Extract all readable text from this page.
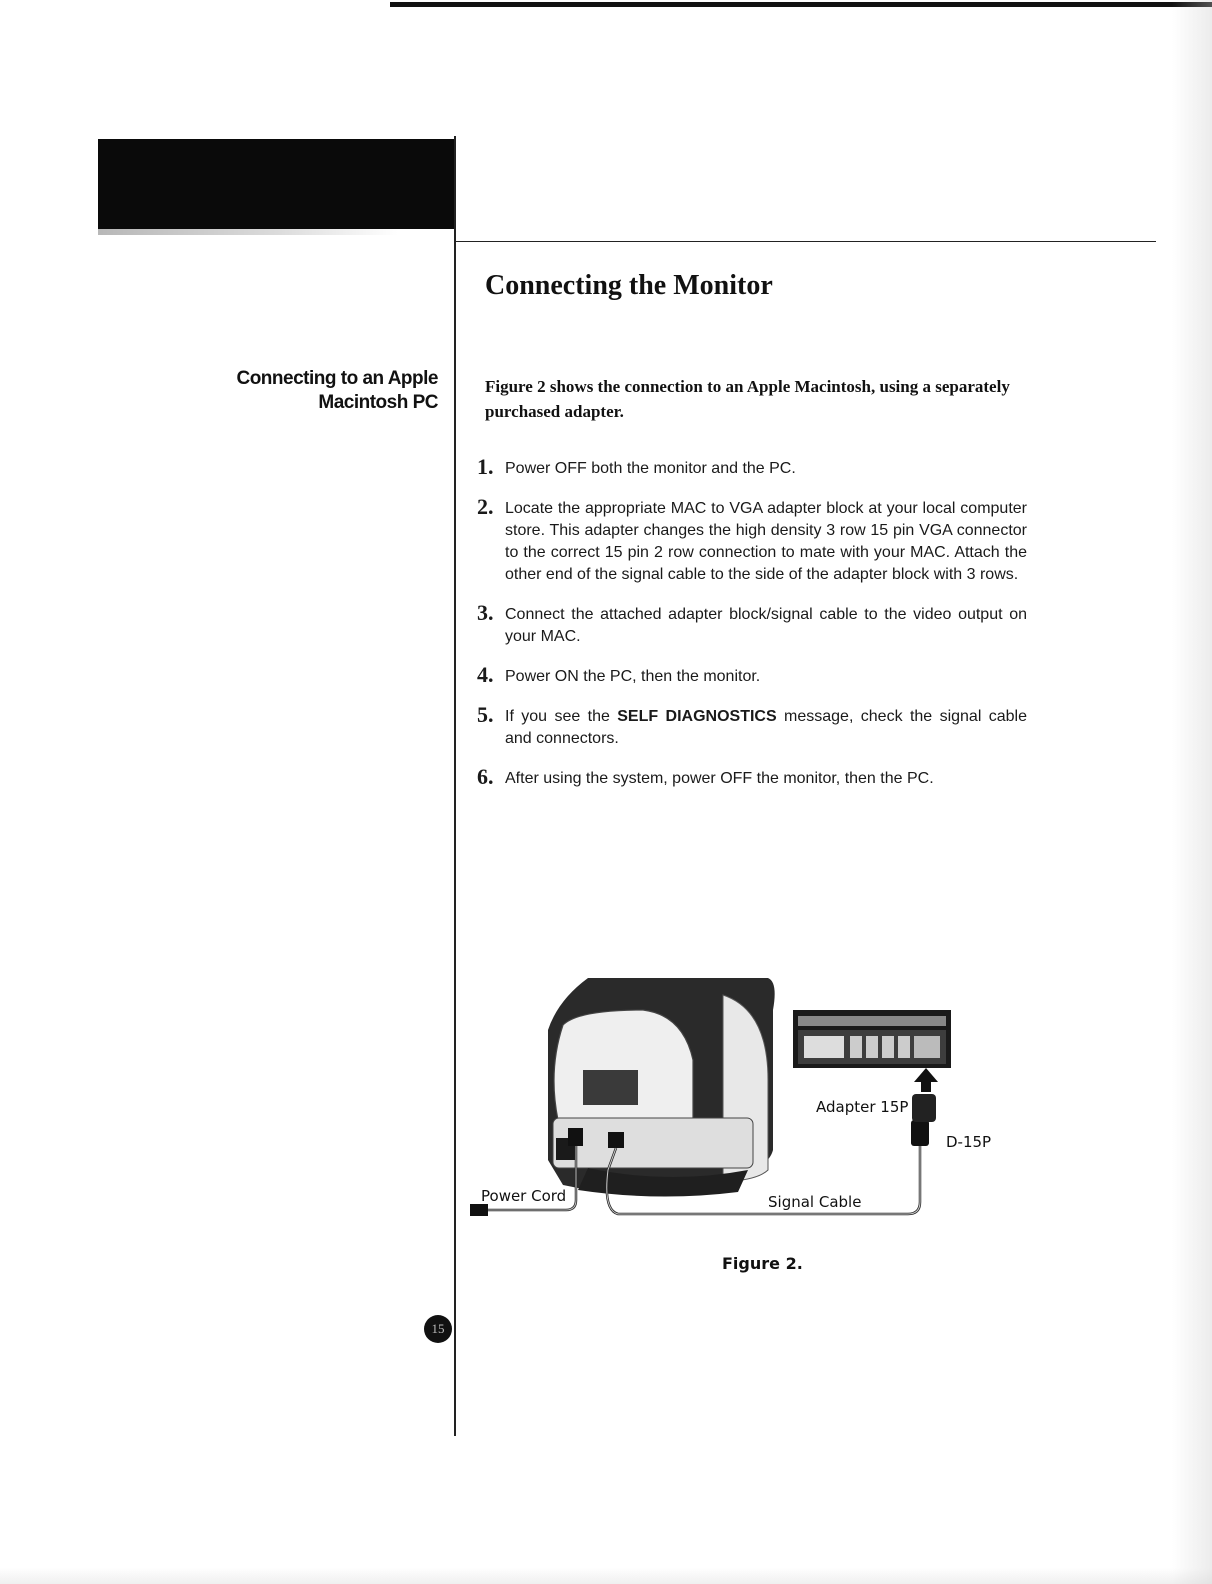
Connecting the Monitor
Connecting to an Apple
Macintosh PC

Figure 2 shows the connection to an Apple Macintosh, using a separately purchased adapter.

1. Power OFF both the monitor and the PC.
2. Locate the appropriate MAC to VGA adapter block at your local computer store. This adapter changes the high density 3 row 15 pin VGA connector to the correct 15 pin 2 row connection to mate with your MAC. Attach the other end of the signal cable to the side of the adapter block with 3 rows.
3. Connect the attached adapter block/signal cable to the video output on your MAC.
4. Power ON the PC, then the monitor.
5. If you see the SELF DIAGNOSTICS message, check the signal cable and connectors.
6. After using the system, power OFF the monitor, then the PC.
Power Cord	Signal Cable
Adapter 15P
D-15P
Figure 2.
15
